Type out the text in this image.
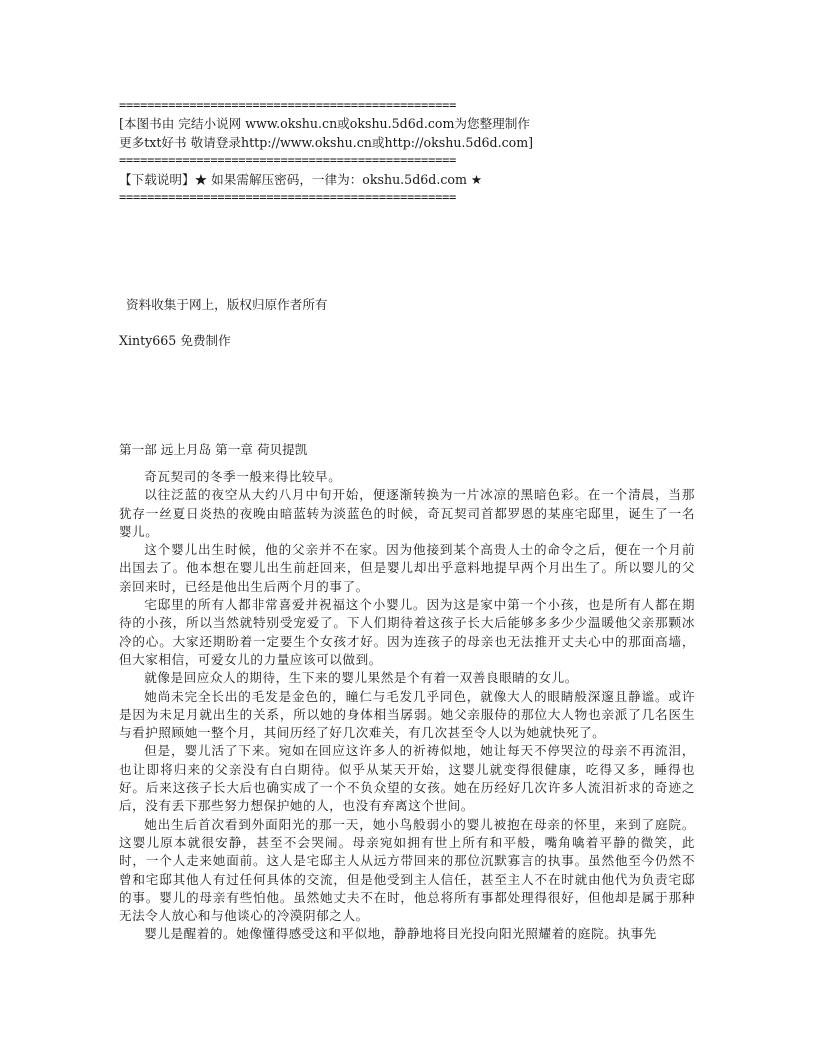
================================================
[本图书由 完结小说网 www.okshu.cn或okshu.5d6d.com为您整理制作
更多txt好书 敬请登录http://www.okshu.cn或http://okshu.5d6d.com]
================================================
【下载说明】★ 如果需解压密码，一律为：okshu.5d6d.com ★
================================================
资料收集于网上，版权归原作者所有
Xinty665 免费制作
第一部 远上月岛 第一章 荷贝提凯

奇瓦契司的冬季一般来得比较早。

以往泛蓝的夜空从大约八月中旬开始，便逐渐转换为一片冰凉的黑暗色彩。在一个清晨，当那犹存一丝夏日炎热的夜晚由暗蓝转为淡蓝色的时候，奇瓦契司首都罗恩的某座宅邸里，诞生了一名婴儿。

这个婴儿出生时候，他的父亲并不在家。因为他接到某个高贵人士的命令之后，便在一个月前出国去了。他本想在婴儿出生前赶回来，但是婴儿却出乎意料地提早两个月出生了。所以婴儿的父亲回来时，已经是他出生后两个月的事了。

宅邸里的所有人都非常喜爱并祝福这个小婴儿。因为这是家中第一个小孩，也是所有人都在期待的小孩，所以当然就特别受宠爱了。下人们期待着这孩子长大后能够多多少少温暖他父亲那颗冰冷的心。大家还期盼着一定要生个女孩才好。因为连孩子的母亲也无法推开丈夫心中的那面高墙，但大家相信，可爱女儿的力量应该可以做到。

就像是回应众人的期待，生下来的婴儿果然是个有着一双善良眼睛的女儿。

她尚未完全长出的毛发是金色的，瞳仁与毛发几乎同色，就像大人的眼睛般深邃且静谧。或许是因为未足月就出生的关系，所以她的身体相当孱弱。她父亲服侍的那位大人物也亲派了几名医生与看护照顾她一整个月，其间历经了好几次难关，有几次甚至令人以为她就快死了。

但是，婴儿活了下来。宛如在回应这许多人的祈祷似地，她让每天不停哭泣的母亲不再流泪，也让即将归来的父亲没有白白期待。似乎从某天开始，这婴儿就变得很健康，吃得又多，睡得也好。后来这孩子长大后也确实成了一个不负众望的女孩。她在历经好几次许多人流泪祈求的奇迹之后，没有丢下那些努力想保护她的人，也没有弃离这个世间。

她出生后首次看到外面阳光的那一天，她小鸟般弱小的婴儿被抱在母亲的怀里，来到了庭院。这婴儿原本就很安静，甚至不会哭闹。母亲宛如拥有世上所有和平般，嘴角噙着平静的微笑，此时，一个人走来她面前。这人是宅邸主人从远方带回来的那位沉默寡言的执事。虽然他至今仍然不曾和宅邸其他人有过任何具体的交流，但是他受到主人信任，甚至主人不在时就由他代为负责宅邸的事。婴儿的母亲有些怕他。虽然她丈夫不在时，他总将所有事都处理得很好，但他却是属于那种无法令人放心和与他谈心的冷漠阴郁之人。

婴儿是醒着的。她像懂得感受这和平似地，静静地将目光投向阳光照耀着的庭院。执事先
